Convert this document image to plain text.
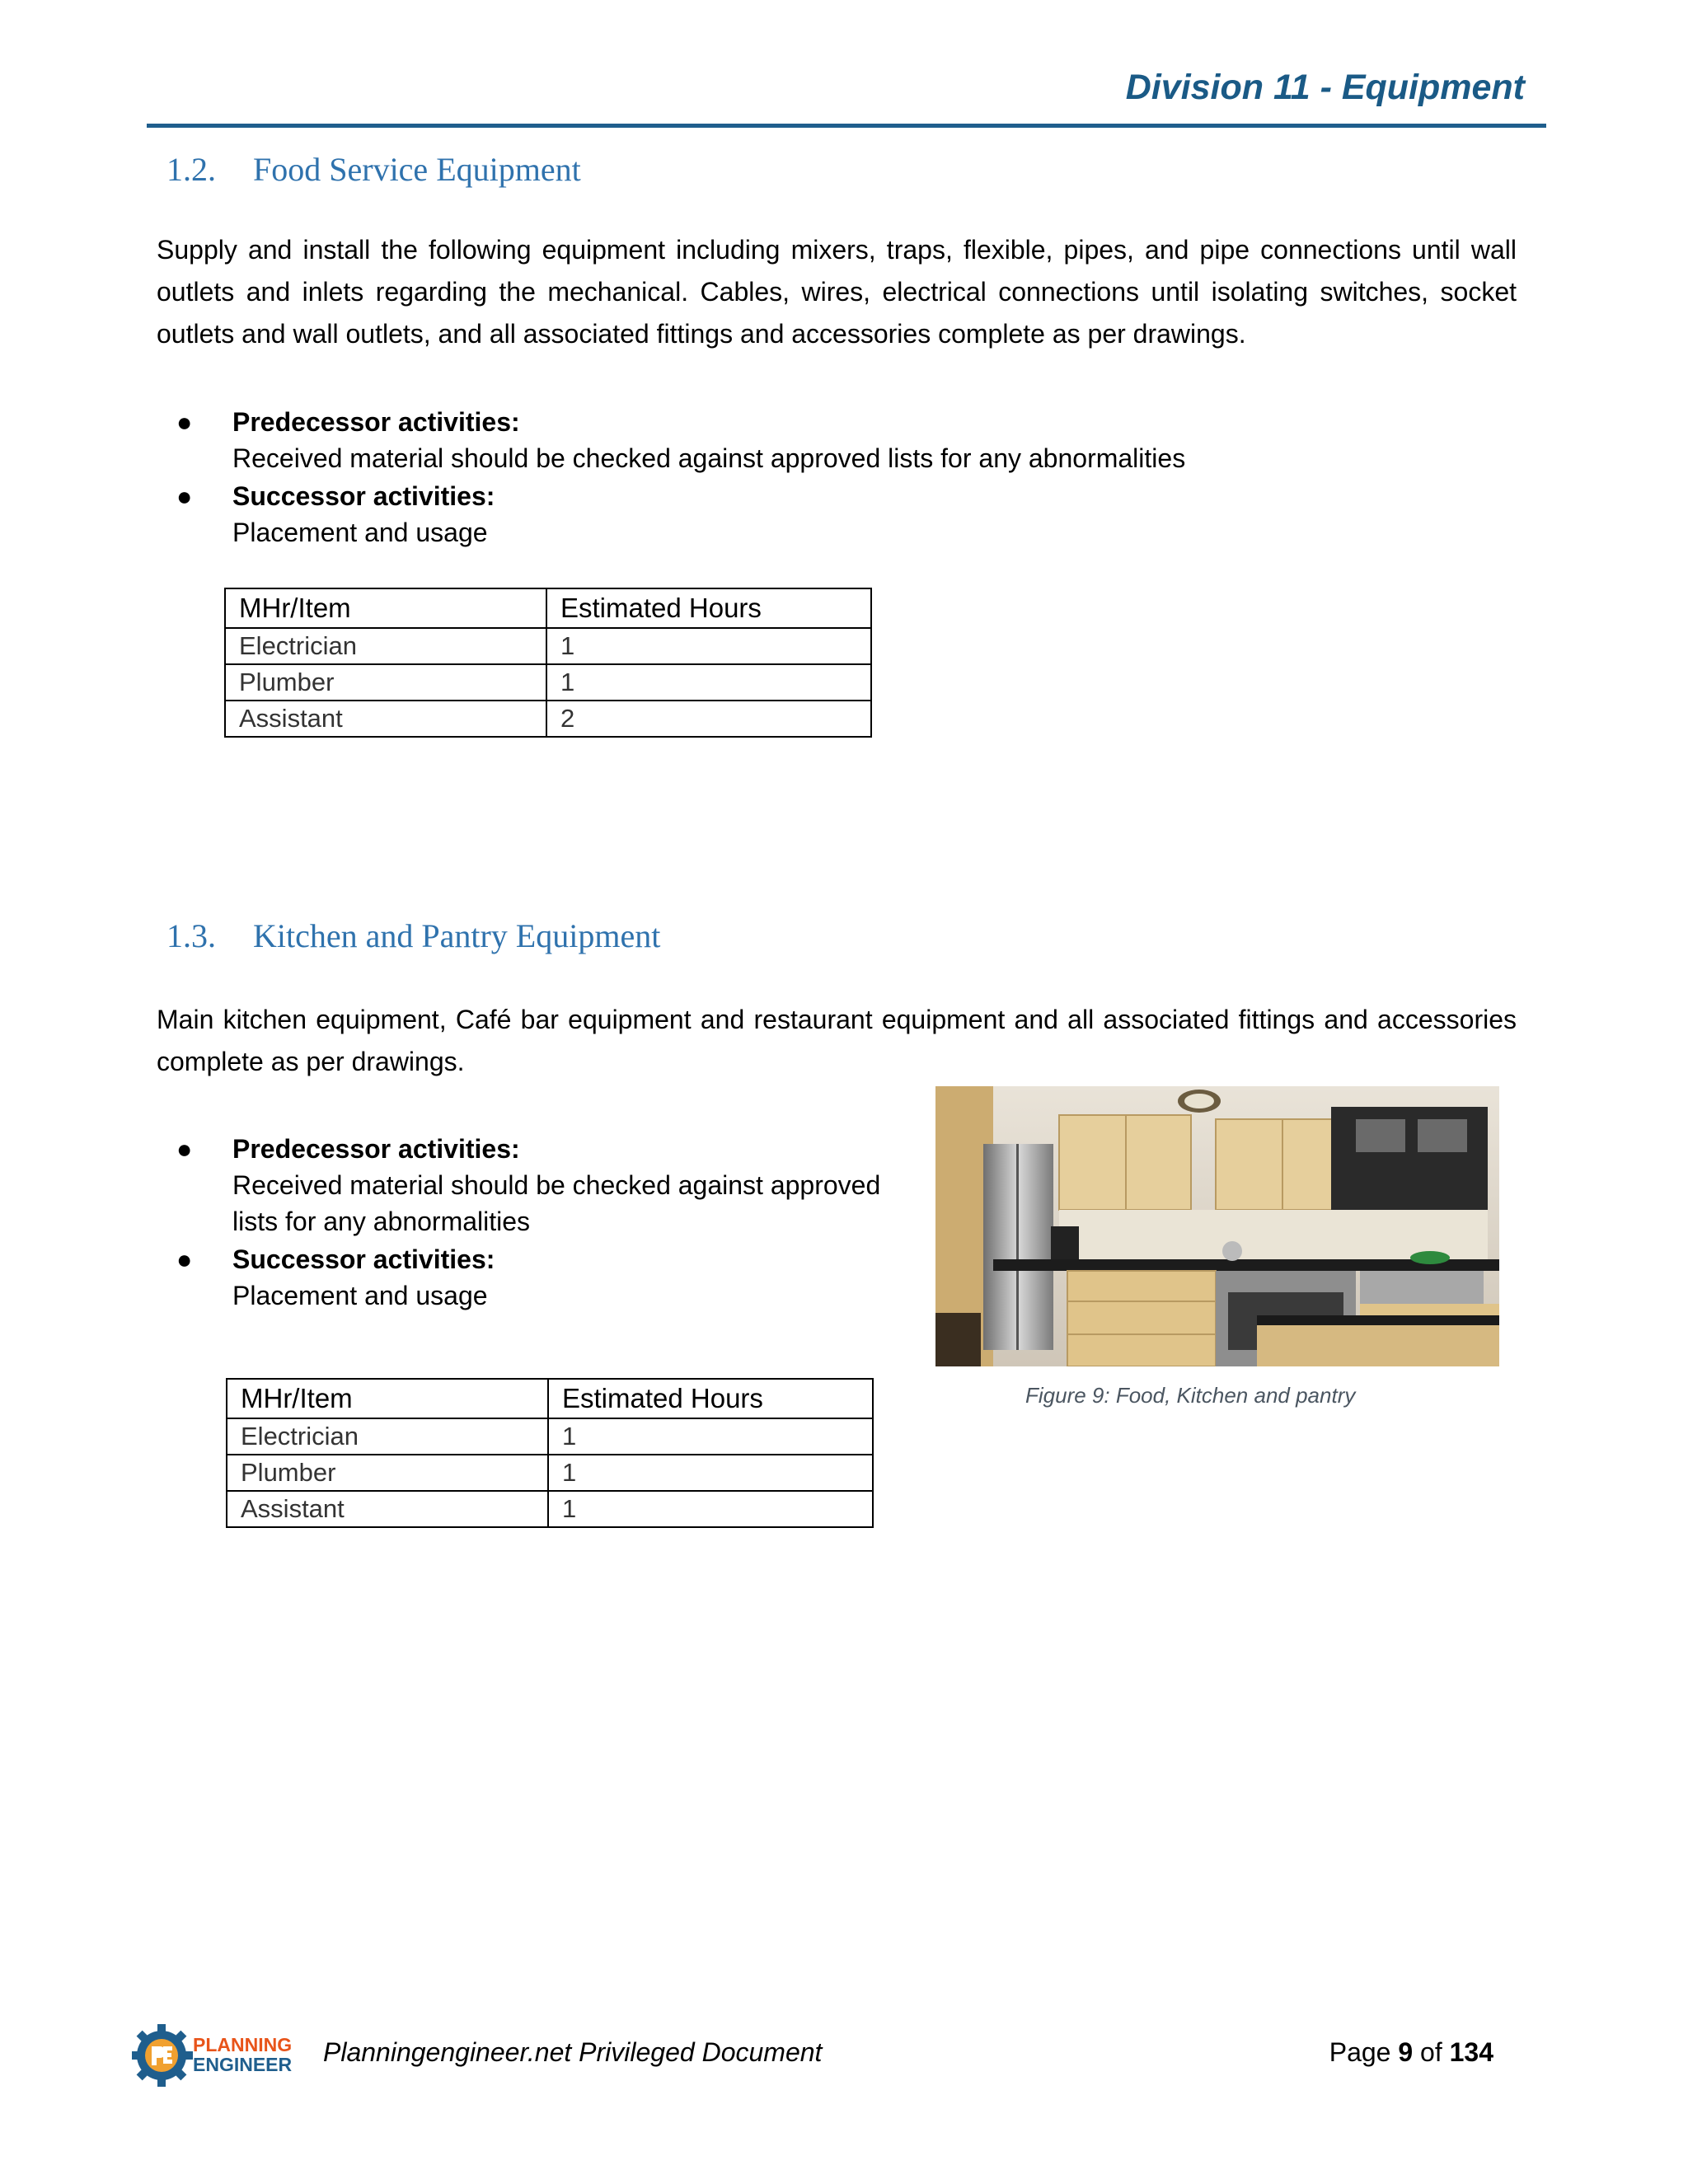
Division 11 - Equipment
1.2. Food Service Equipment

Supply and install the following equipment including mixers, traps, flexible, pipes, and pipe connections until wall outlets and inlets regarding the mechanical. Cables, wires, electrical connections until isolating switches, socket outlets and wall outlets, and all associated fittings and accessories complete as per drawings.

● Predecessor activities:
Received material should be checked against approved lists for any abnormalities
● Successor activities:
Placement and usage
MHr/Item	Estimated Hours
Electrician	1
Plumber	1
Assistant	2
1.3. Kitchen and Pantry Equipment

Main kitchen equipment, Café bar equipment and restaurant equipment and all associated fittings and accessories complete as per drawings.

● Predecessor activities:
Received material should be checked against approved
lists for any abnormalities
● Successor activities:
Placement and usage
MHr/Item	Estimated Hours
Electrician	1
Plumber	1
Assistant	1
Figure 9: Food, Kitchen and pantry
PLANNING
ENGINEER Planningengineer.net Privileged Document	Page 9 of 134
